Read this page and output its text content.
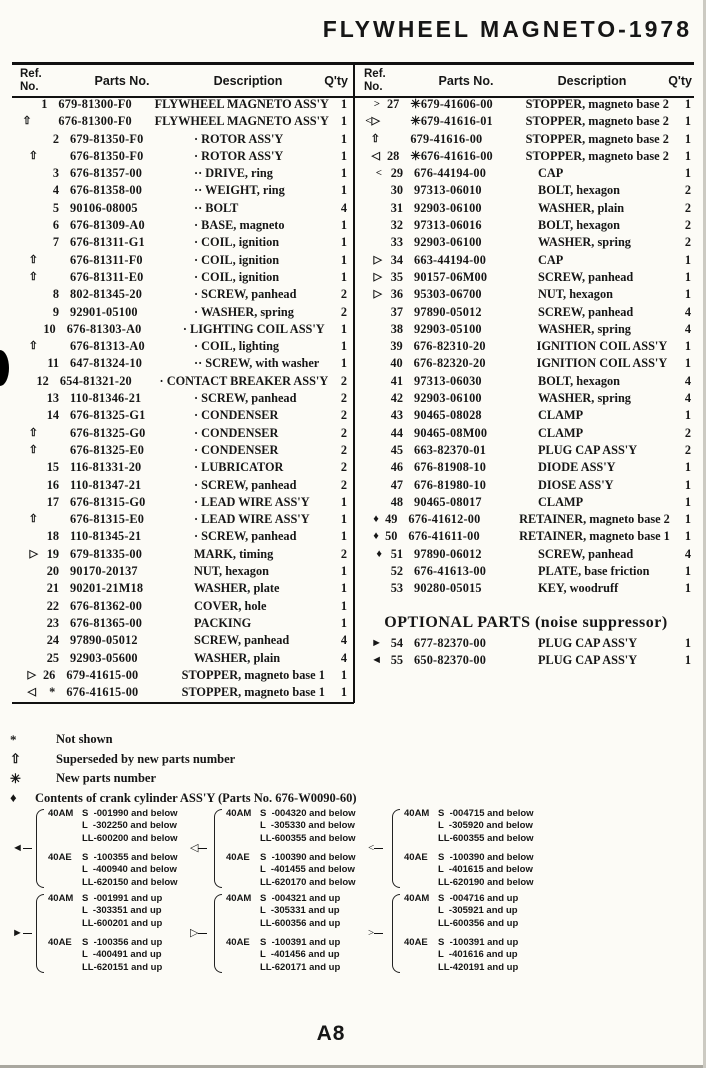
FLYWHEEL MAGNETO-1978
Ref.
No.	Parts No.	Description	Q'ty
1 679-81300-F0	FLYWHEEL MAGNETO ASS'Y 1
⇧	676-81300-F0	FLYWHEEL MAGNETO ASS'Y 1
2 679-81350-F0	· ROTOR ASS'Y	1
⇧	676-81350-F0	· ROTOR ASS'Y	1
3 676-81357-00	·· DRIVE, ring	1
4 676-81358-00	·· WEIGHT, ring	1
5 90106-08005	·· BOLT	4
6 676-81309-A0	· BASE, magneto	1
7 676-81311-G1	· COIL, ignition	1
⇧	676-81311-F0	· COIL, ignition	1
⇧	676-81311-E0	· COIL, ignition	1
8 802-81345-20	· SCREW, panhead	2
9 92901-05100	· WASHER, spring	2
10 676-81303-A0	· LIGHTING COIL ASS'Y	1
⇧	676-81313-A0	· COIL, lighting	1
11 647-81324-10	·· SCREW, with washer	1
12 654-81321-20	· CONTACT BREAKER ASS'Y	2
13 110-81346-21	· SCREW, panhead	2
14 676-81325-G1	· CONDENSER	2
⇧	676-81325-G0	· CONDENSER	2
⇧	676-81325-E0	· CONDENSER	2
15 116-81331-20	· LUBRICATOR	2
16 110-81347-21	· SCREW, panhead	2
17 676-81315-G0	· LEAD WIRE ASS'Y	1
⇧	676-81315-E0	· LEAD WIRE ASS'Y	1
18 110-81345-21	· SCREW, panhead	1
▷ 19 679-81335-00	MARK, timing	2
20 90170-20137	NUT, hexagon	1
21 90201-21M18	WASHER, plate	1
22 676-81362-00	COVER, hole	1
23 676-81365-00	PACKING	1
24 97890-05012	SCREW, panhead	4
25 92903-05600	WASHER, plain	4
▷ 26 679-41615-00	STOPPER, magneto base 1	1
◁	* 676-41615-00	STOPPER, magneto base 1	1
Ref.
No.	Parts No.	Description	Q'ty
> 27 ✳679-41606-00	STOPPER, magneto base 2	1
<▷	✳679-41616-01	STOPPER, magneto base 2	1
⇧	679-41616-00	STOPPER, magneto base 2	1
◁ 28 ✳676-41616-00	STOPPER, magneto base 2	1
< 29 676-44194-00	CAP	1
30 97313-06010	BOLT, hexagon	2
31 92903-06100	WASHER, plain	2
32 97313-06016	BOLT, hexagon	2
33 92903-06100	WASHER, spring	2
▷ 34 663-44194-00	CAP	1
▷ 35 90157-06M00	SCREW, panhead	1
▷ 36 95303-06700	NUT, hexagon	1
37 97890-05012	SCREW, panhead	4
38 92903-05100	WASHER, spring	4
39 676-82310-20	IGNITION COIL ASS'Y	1
40 676-82320-20	IGNITION COIL ASS'Y	1
41 97313-06030	BOLT, hexagon	4
42 92903-06100	WASHER, spring	4
43 90465-08028	CLAMP	1
44 90465-08M00	CLAMP	2
45 663-82370-01	PLUG CAP ASS'Y	2
46 676-81908-10	DIODE ASS'Y	1
47 676-81980-10	DIOSE ASS'Y	1
48 90465-08017	CLAMP	1
♦ 49 676-41612-00	RETAINER, magneto base 2	1
♦ 50 676-41611-00	RETAINER, magneto base 1	1
♦ 51 97890-06012	SCREW, panhead	4
52 676-41613-00	PLATE, base friction	1
53 90280-05015	KEY, woodruff	1
OPTIONAL PARTS (noise suppressor)
► 54 677-82370-00	PLUG CAP ASS'Y	1
◄ 55 650-82370-00	PLUG CAP ASS'Y	1
*	Not shown
⇧	Superseded by new parts number
✳	New parts number
♦	Contents of crank cylinder ASS'Y (Parts No. 676-W0090-60)
◄
40AM S  -001990 and below
L  -302250 and below
LL-600200 and below
40AE	S  -100355 and below
L  -400940 and below
LL-620150 and below
◁
40AM S  -004320 and below
L  -305330 and below
LL-600355 and below
40AE	S  -100390 and below
L  -401455 and below
LL-620170 and below
<
40AM S  -004715 and below
L  -305920 and below
LL-600355 and below
40AE	S  -100390 and below
L  -401615 and below
LL-620190 and below
►
40AM S  -001991 and up
L  -303351 and up
LL-600201 and up
40AE	S  -100356 and up
L  -400491 and up
LL-620151 and up
▷
40AM S  -004321 and up
L  -305331 and up
LL-600356 and up
40AE	S  -100391 and up
L  -401456 and up
LL-620171 and up
>
40AM S  -004716 and up
L  -305921 and up
LL-600356 and up
40AE	S  -100391 and up
L  -401616 and up
LL-420191 and up
A8
